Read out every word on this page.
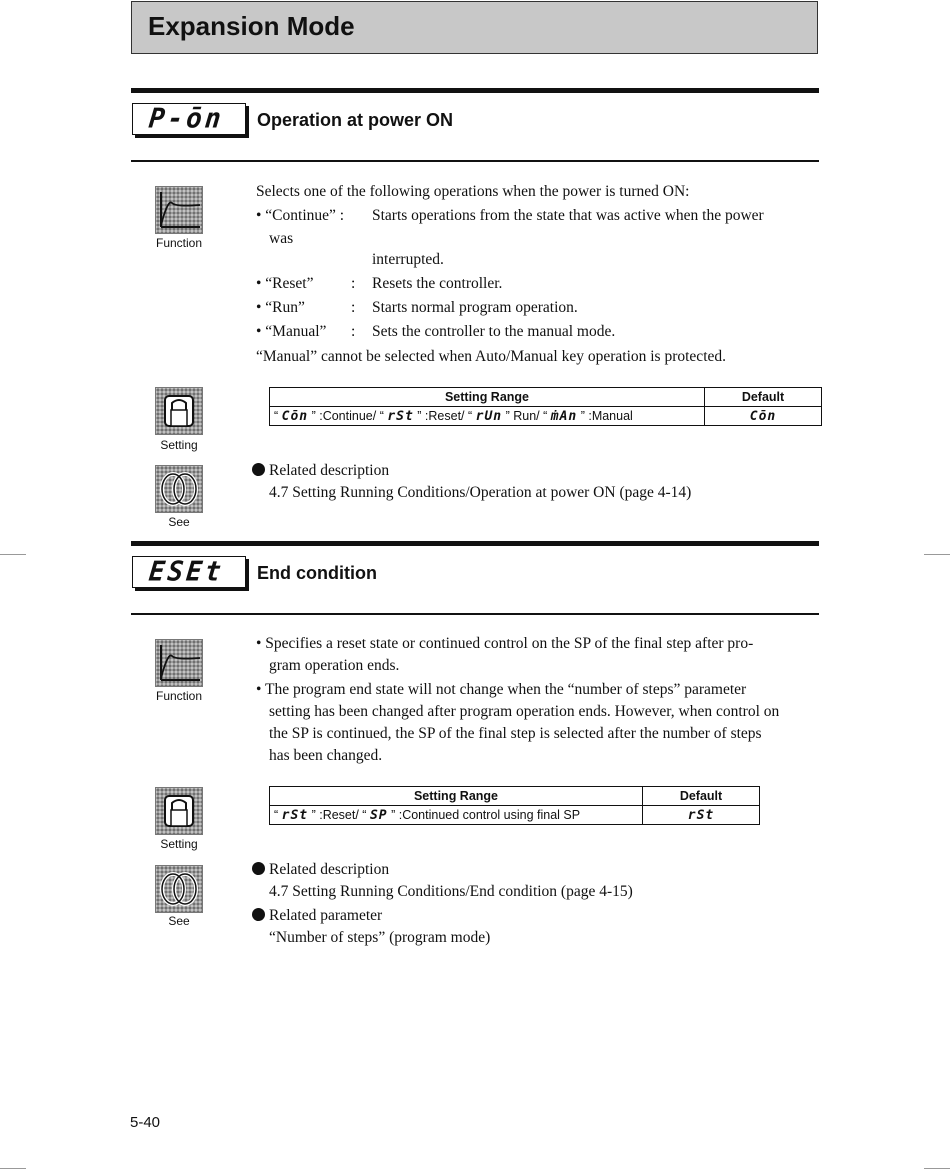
Expansion Mode
P-ōn Operation at power ON
Function
Selects one of the following operations when the power is turned ON:
• “Continue” : Starts operations from the state that was active when the power
was
interrupted.
• “Reset” : Resets the controller.
• “Run”	: Starts normal program operation.
• “Manual” : Sets the controller to the manual mode.
“Manual” cannot be selected when Auto/Manual key operation is protected.
Setting
Setting Range	Default
“ Cōn ” :Continue/ “ rSt ” :Reset/ “ rUn ” Run/ “ ṁAn ” :Manual	Cōn
See
Related description
4.7 Setting Running Conditions/Operation at power ON (page 4-14)
ESEt End condition
Function
• Specifies a reset state or continued control on the SP of the final step after pro-
gram operation ends.
• The program end state will not change when the “number of steps” parameter
setting has been changed after program operation ends. However, when control on
the SP is continued, the SP of the final step is selected after the number of steps
has been changed.
Setting
Setting Range	Default
“ rSt ” :Reset/ “ SP ” :Continued control using final SP	rSt
See
Related description
4.7 Setting Running Conditions/End condition (page 4-15)
Related parameter
“Number of steps” (program mode)
5-40
